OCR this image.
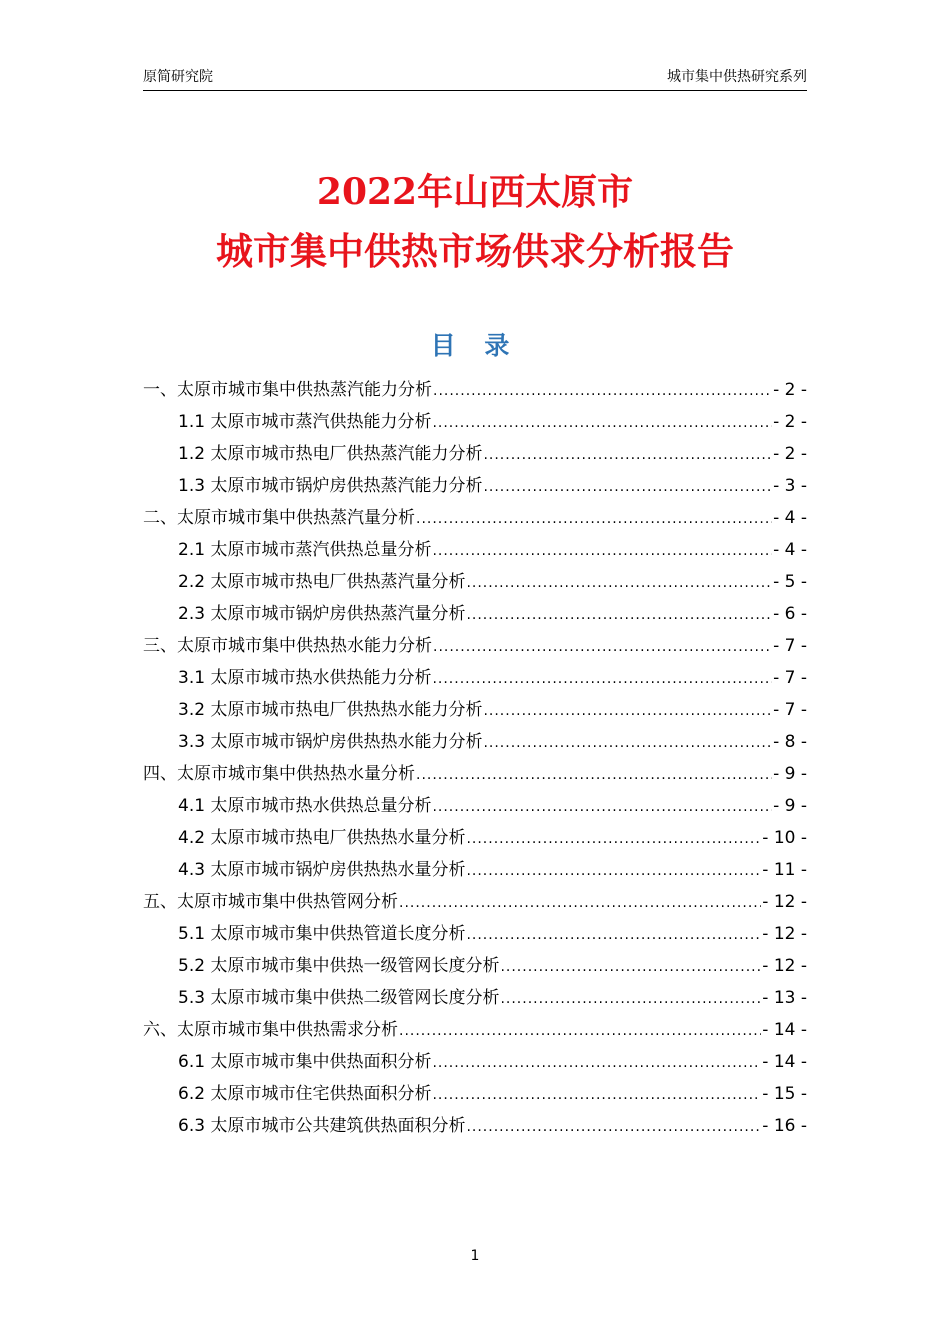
原简研究院	城市集中供热研究系列
2022年山西太原市
城市集中供热市场供求分析报告
目 录
一、太原市城市集中供热蒸汽能力分析 .....	- 2 -
1.1 太原市城市蒸汽供热能力分析 .....	- 2 -
1.2 太原市城市热电厂供热蒸汽能力分析 .....	- 2 -
1.3 太原市城市锅炉房供热蒸汽能力分析 .....	- 3 -
二、太原市城市集中供热蒸汽量分析 .....	- 4 -
2.1 太原市城市蒸汽供热总量分析 .....	- 4 -
2.2 太原市城市热电厂供热蒸汽量分析 .....	- 5 -
2.3 太原市城市锅炉房供热蒸汽量分析 .....	- 6 -
三、太原市城市集中供热热水能力分析 .....	- 7 -
3.1 太原市城市热水供热能力分析 .....	- 7 -
3.2 太原市城市热电厂供热热水能力分析 .....	- 7 -
3.3 太原市城市锅炉房供热热水能力分析 .....	- 8 -
四、太原市城市集中供热热水量分析 .....	- 9 -
4.1 太原市城市热水供热总量分析 .....	- 9 -
4.2 太原市城市热电厂供热热水量分析 .....	- 10 -
4.3 太原市城市锅炉房供热热水量分析 .....	- 11 -
五、太原市城市集中供热管网分析 .....	- 12 -
5.1 太原市城市集中供热管道长度分析 .....	- 12 -
5.2 太原市城市集中供热一级管网长度分析 .....	- 12 -
5.3 太原市城市集中供热二级管网长度分析 .....	- 13 -
六、太原市城市集中供热需求分析 .....	- 14 -
6.1 太原市城市集中供热面积分析 .....	- 14 -
6.2 太原市城市住宅供热面积分析 .....	- 15 -
6.3 太原市城市公共建筑供热面积分析 .....	- 16 -
1
